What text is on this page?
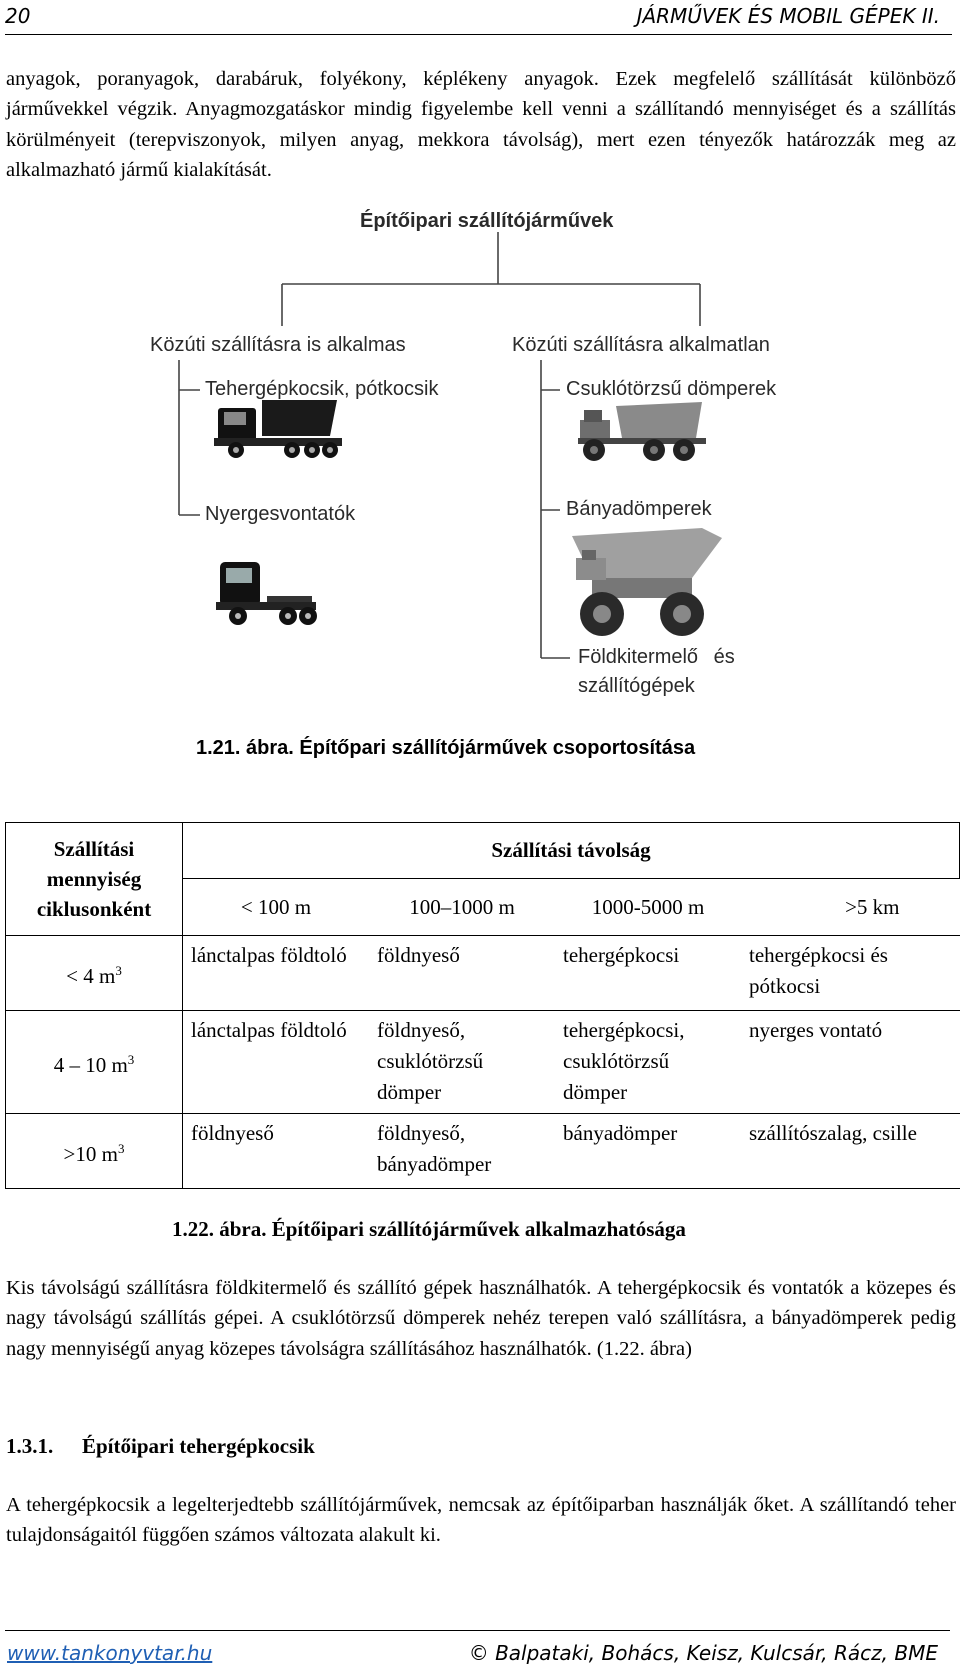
20	JÁRMŰVEK ÉS MOBIL GÉPEK II.

anyagok, poranyagok, darabáruk, folyékony, képlékeny anyagok. Ezek megfelelő szállítását különböző járművekkel végzik. Anyagmozgatáskor mindig figyelembe kell venni a szállítandó mennyiséget és a szállítás körülményeit (terepviszonyok, milyen anyag, mekkora távolság), mert ezen tényezők határozzák meg az alkalmazható jármű kialakítását.

Építőipari szállítójárművek
Közúti szállításra is alkalmas	Közúti szállításra alkalmatlan
Tehergépkocsik, pótkocsik
Nyergesvontatók
Csuklótörzsű dömperek
Bányadömperek
Földkitermelő és
szállítógépek
1.21. ábra. Építőpari szállítójárművek csoportosítása
Szállítási mennyiség ciklusonként	Szállítási távolság			
	< 100 m	100–1000 m	1000-5000 m	>5 km
< 4 $m^3$	lánctalpas földtoló	földnyeső	tehergépkocsi	tehergépkocsi és pótkocsi
4 – 10 $m^3$	lánctalpas földtoló	földnyeső, csuklótörzsű dömper	tehergépkocsi, csuklótörzsű dömper	nyerges vontató
>10 $m^3$	földnyeső	földnyeső, bányadömper	bányadömper	szállítószalag, csille
1.22. ábra. Építőipari szállítójárművek alkalmazhatósága

Kis távolságú szállításra földkitermelő és szállító gépek használhatók. A tehergépkocsik és vontatók a közepes és nagy távolságú szállítás gépei. A csuklótörzsű dömperek nehéz terepen való szállításra, a bányadömperek pedig nagy mennyiségű anyag közepes távolságra szállításához használhatók. (1.22. ábra)

1.3.1. Építőipari tehergépkocsik

A tehergépkocsik a legelterjedtebb szállítójárművek, nemcsak az építőiparban használják őket. A szállítandó teher tulajdonságaitól függően számos változata alakult ki.

www.tankonyvtar.hu	© Balpataki, Bohács, Keisz, Kulcsár, Rácz, BME
